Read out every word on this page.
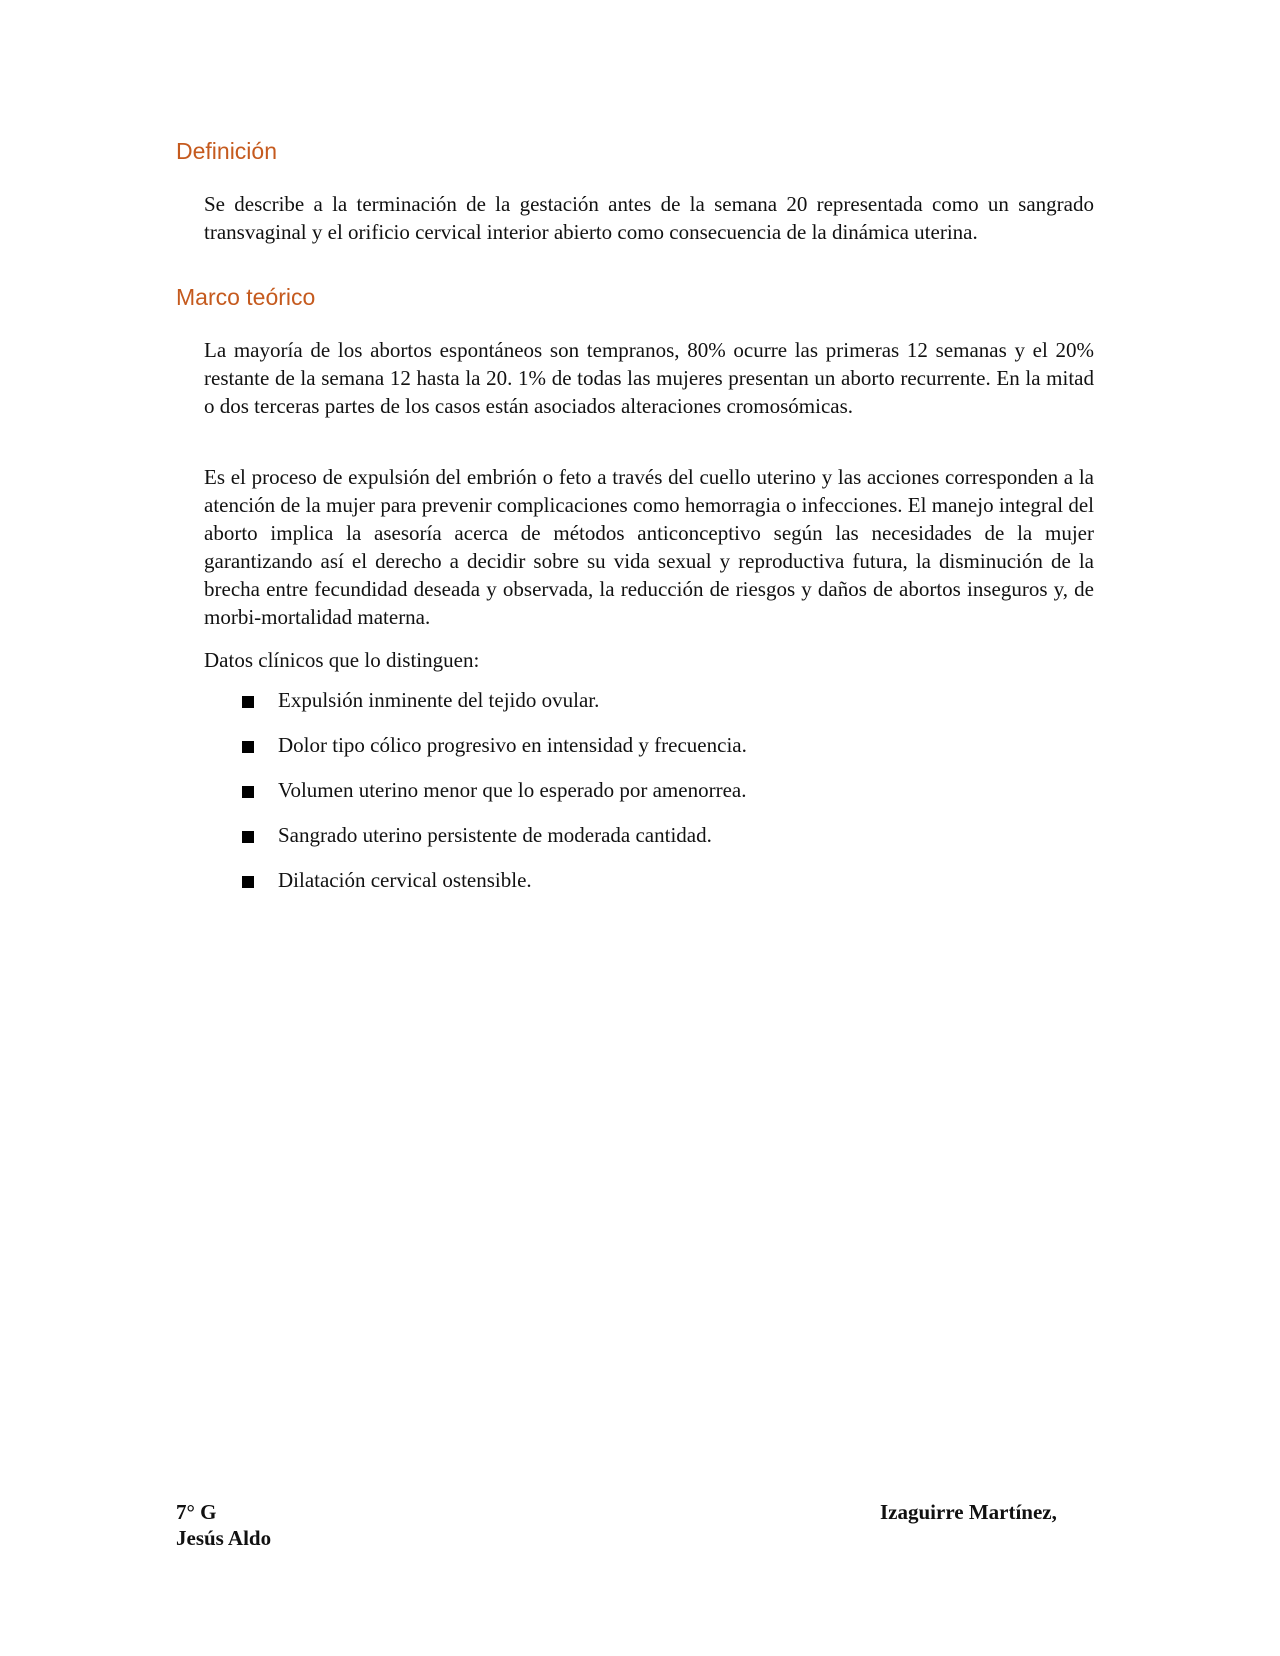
Definición

Se describe a la terminación de la gestación antes de la semana 20 representada como un sangrado transvaginal y el orificio cervical interior abierto como consecuencia de la dinámica uterina.

Marco teórico

La mayoría de los abortos espontáneos son tempranos, 80% ocurre las primeras 12 semanas y el 20% restante de la semana 12 hasta la 20. 1% de todas las mujeres presentan un aborto recurrente. En la mitad o dos terceras partes de los casos están asociados alteraciones cromosómicas.

Es el proceso de expulsión del embrión o feto a través del cuello uterino y las acciones corresponden a la atención de la mujer para prevenir complicaciones como hemorragia o infecciones. El manejo integral del aborto implica la asesoría acerca de métodos anticonceptivo según las necesidades de la mujer garantizando así el derecho a decidir sobre su vida sexual y reproductiva futura, la disminución de la brecha entre fecundidad deseada y observada, la reducción de riesgos y daños de abortos inseguros y, de morbi-mortalidad materna.

Datos clínicos que lo distinguen:

Expulsión inminente del tejido ovular.
Dolor tipo cólico progresivo en intensidad y frecuencia.
Volumen uterino menor que lo esperado por amenorrea.
Sangrado uterino persistente de moderada cantidad.
Dilatación cervical ostensible.
7° G	Izaguirre Martínez,
Jesús Aldo
